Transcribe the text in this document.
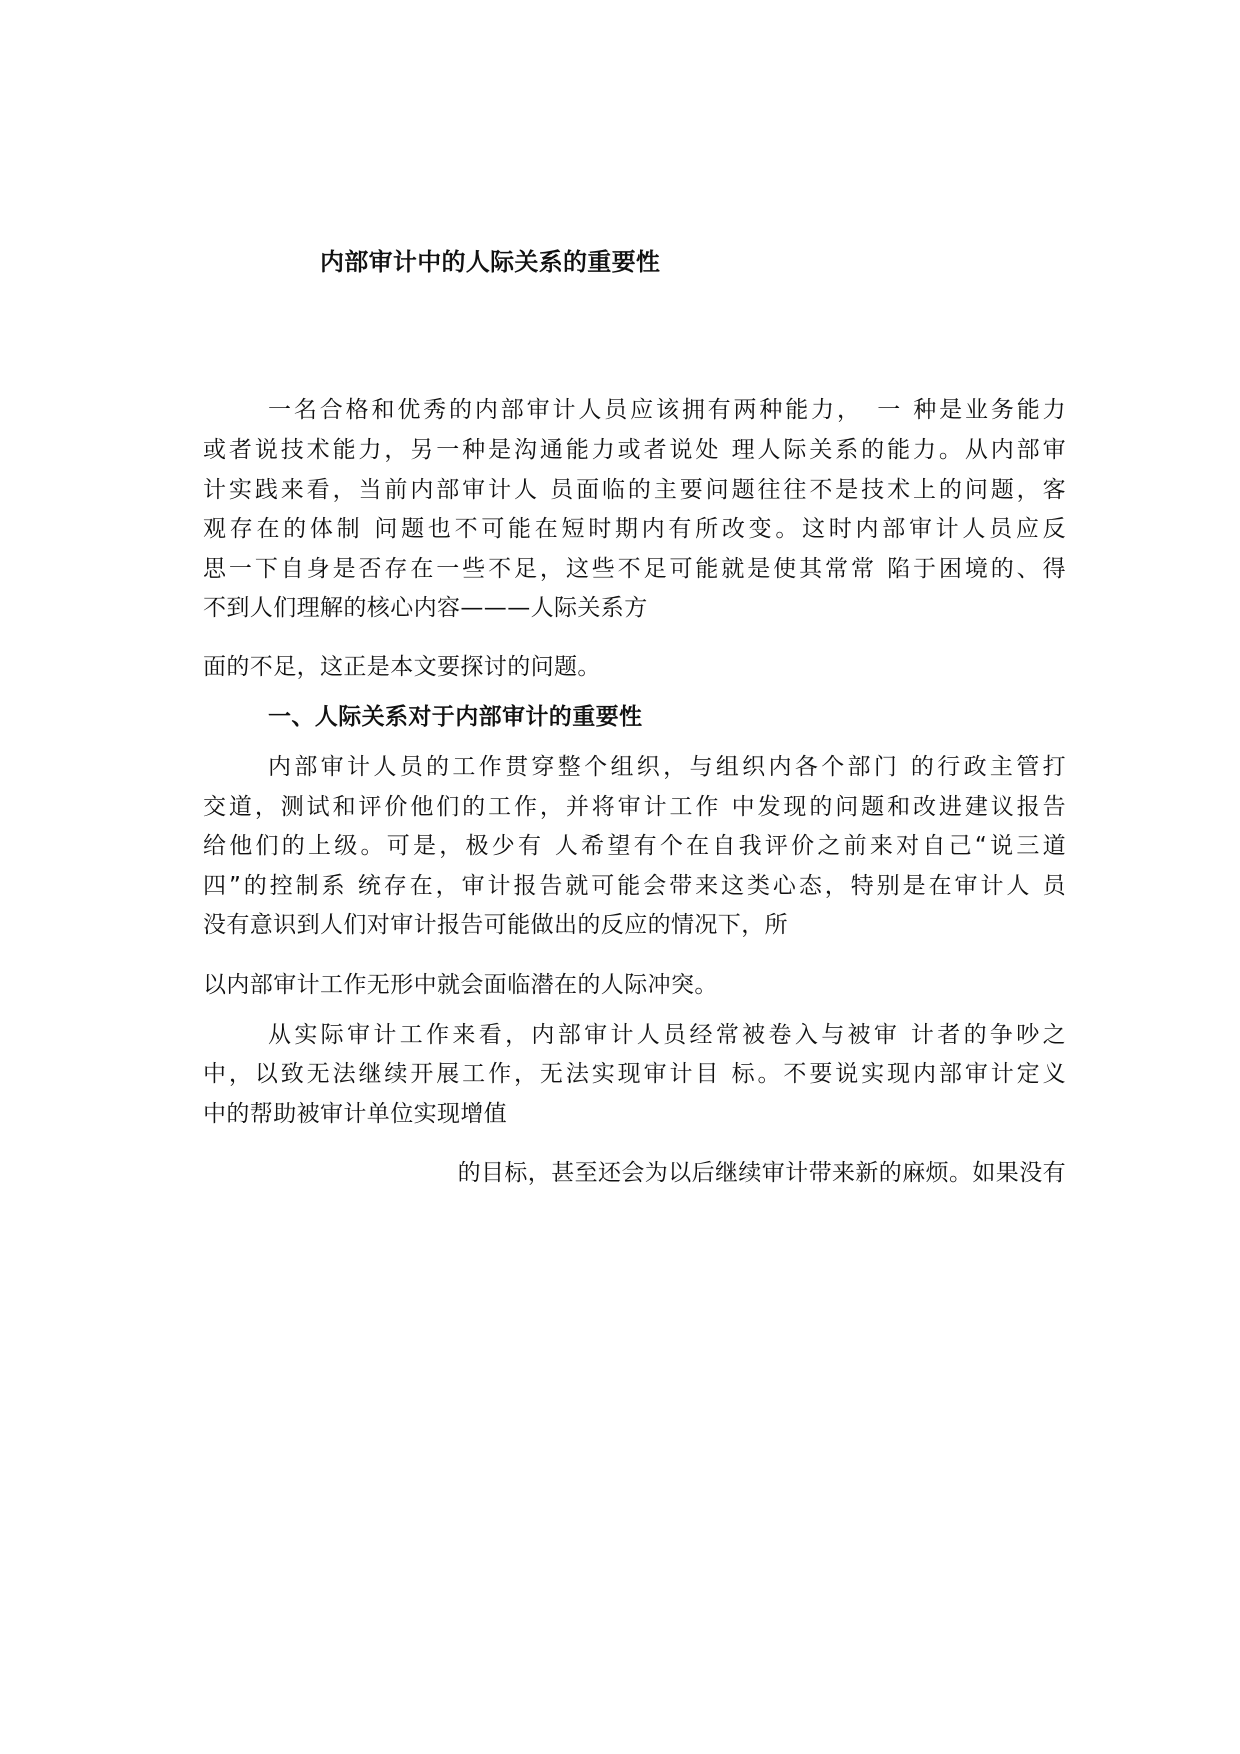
内部审计中的人际关系的重要性
一名合格和优秀的内部审计人员应该拥有两种能力，　一 种是业务能力
或者说技术能力，另一种是沟通能力或者说处 理人际关系的能力。从内部审
计实践来看，当前内部审计人 员面临的主要问题往往不是技术上的问题，客
观存在的体制 问题也不可能在短时期内有所改变。这时内部审计人员应反
思一下自身是否存在一些不足，这些不足可能就是使其常常 陷于困境的、得
不到人们理解的核心内容———人际关系方
面的不足，这正是本文要探讨的问题。
一、人际关系对于内部审计的重要性
内部审计人员的工作贯穿整个组织，与组织内各个部门 的行政主管打
交道，测试和评价他们的工作，并将审计工作 中发现的问题和改进建议报告
给他们的上级。可是，极少有 人希望有个在自我评价之前来对自己“说三道
四”的控制系 统存在，审计报告就可能会带来这类心态，特别是在审计人 员
没有意识到人们对审计报告可能做出的反应的情况下，所
以内部审计工作无形中就会面临潜在的人际冲突。
从实际审计工作来看，内部审计人员经常被卷入与被审 计者的争吵之
中，以致无法继续开展工作，无法实现审计目 标。不要说实现内部审计定义
中的帮助被审计单位实现增值
的目标，甚至还会为以后继续审计带来新的麻烦。如果没有
